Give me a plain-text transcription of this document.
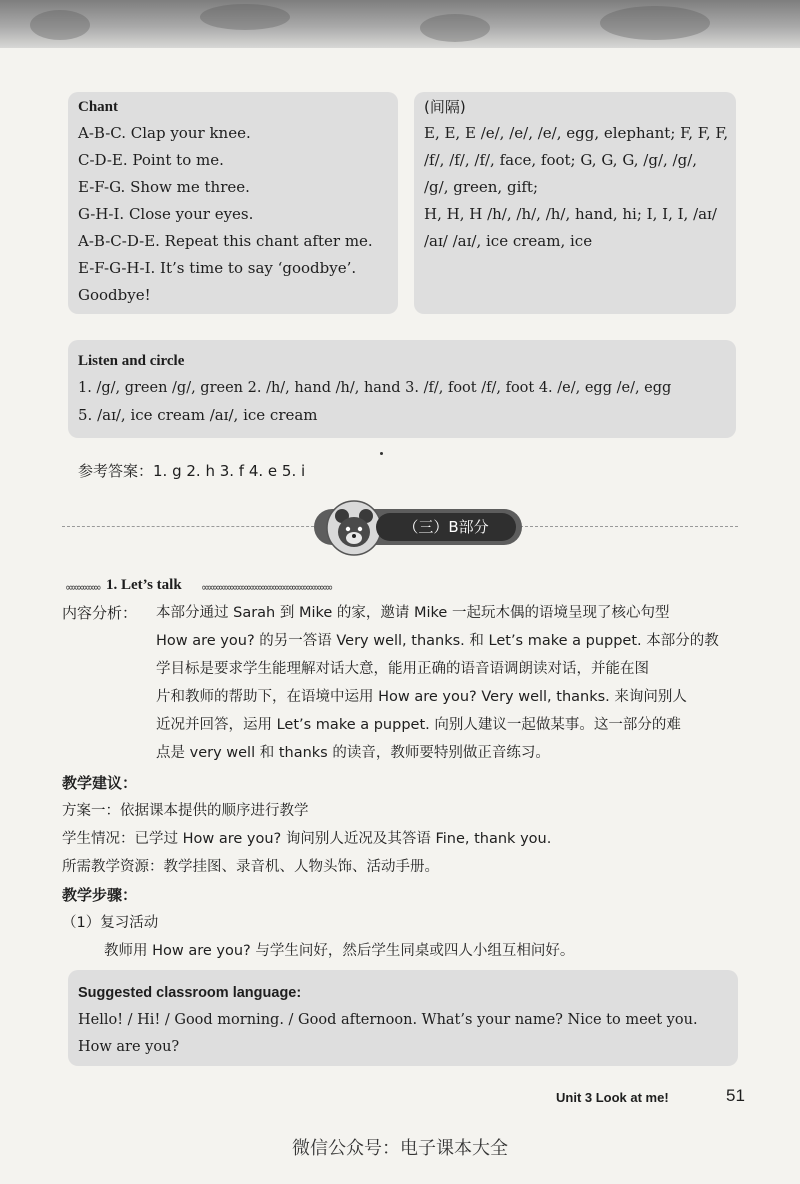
Chant
A-B-C. Clap your knee.
C-D-E. Point to me.
E-F-G. Show me three.
G-H-I. Close your eyes.
A-B-C-D-E. Repeat this chant after me.
E-F-G-H-I. It’s time to say ‘goodbye’.
Goodbye!
(间隔)
E, E, E /e/, /e/, /e/, egg, elephant; F, F, F,
/f/, /f/, /f/, face, foot; G, G, G, /g/, /g/,
/g/, green, gift;
H, H, H /h/, /h/, /h/, hand, hi; I, I, I, /aɪ/
/aɪ/ /aɪ/, ice cream, ice
Listen and circle
1. /g/, green /g/, green 2. /h/, hand /h/, hand 3. /f/, foot /f/, foot 4. /e/, egg /e/, egg
5. /aɪ/, ice cream /aɪ/, ice cream
参考答案：1. g 2. h 3. f 4. e 5. i
（三）B部分
∞∞∞∞∞∞ 1. Let’s talk ∞∞∞∞∞∞∞∞∞∞∞∞∞∞∞∞∞∞∞∞∞∞∞
内容分析： 本部分通过 Sarah 到 Mike 的家，邀请 Mike 一起玩木偶的语境呈现了核心句型
How are you? 的另一答语 Very well, thanks. 和 Let’s make a puppet. 本部分的教
学目标是要求学生能理解对话大意，能用正确的语音语调朗读对话，并能在图
片和教师的帮助下，在语境中运用 How are you? Very well, thanks. 来询问别人
近况并回答，运用 Let’s make a puppet. 向别人建议一起做某事。这一部分的难
点是 very well 和 thanks 的读音，教师要特别做正音练习。
教学建议：
方案一：依据课本提供的顺序进行教学
学生情况：已学过 How are you? 询问别人近况及其答语 Fine, thank you.
所需教学资源：教学挂图、录音机、人物头饰、活动手册。
教学步骤：
（1）复习活动
教师用 How are you? 与学生问好，然后学生同桌或四人小组互相问好。
Suggested classroom language:
Hello! / Hi! / Good morning. / Good afternoon. What’s your name? Nice to meet you.
How are you?
Unit 3 Look at me!	51
微信公众号：电子课本大全
